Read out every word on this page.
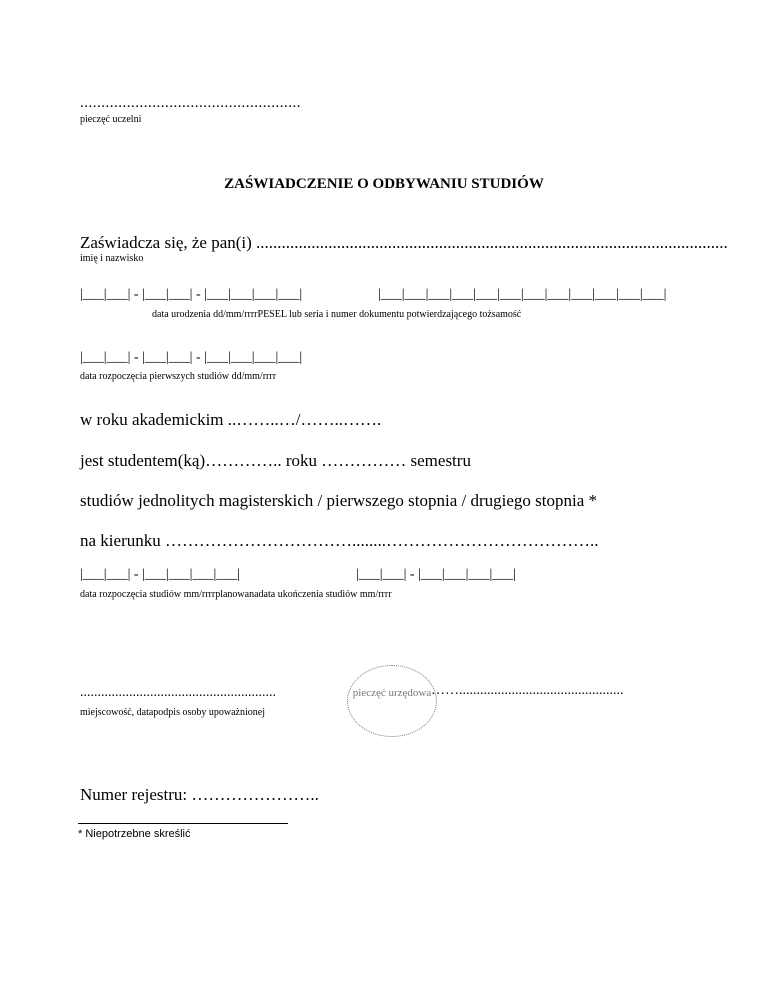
....................................................
pieczęć uczelni
ZAŚWIADCZENIE O ODBYWANIU STUDIÓW
Zaświadcza się, że pan(i) ...............................................................................................................
imię i nazwisko
|___|___| - |___|___| - |___|___|___|___|	|___|___|___|___|___|___|___|___|___|___|___|___|
data urodzenia dd/mm/rrrrPESEL lub seria i numer dokumentu potwierdzającego tożsamość
|___|___| - |___|___| - |___|___|___|___|
data rozpoczęcia pierwszych studiów dd/mm/rrrr
w roku akademickim ..……..…/……..…….
jest studentem(ką)………….. roku …………… semestru
studiów jednolitych magisterskich / pierwszego stopnia / drugiego stopnia *
na kierunku ……………………………........………………………………..
|___|___| - |___|___|___|___|	|___|___| - |___|___|___|___|
data rozpoczęcia studiów mm/rrrrplanowanadata ukończenia studiów mm/rrrr
........................................................
miejscowość, datapodpis osoby upoważnionej
pieczęć urzędowa ……...............................................
Numer rejestru: …………………..
* Niepotrzebne skreślić
